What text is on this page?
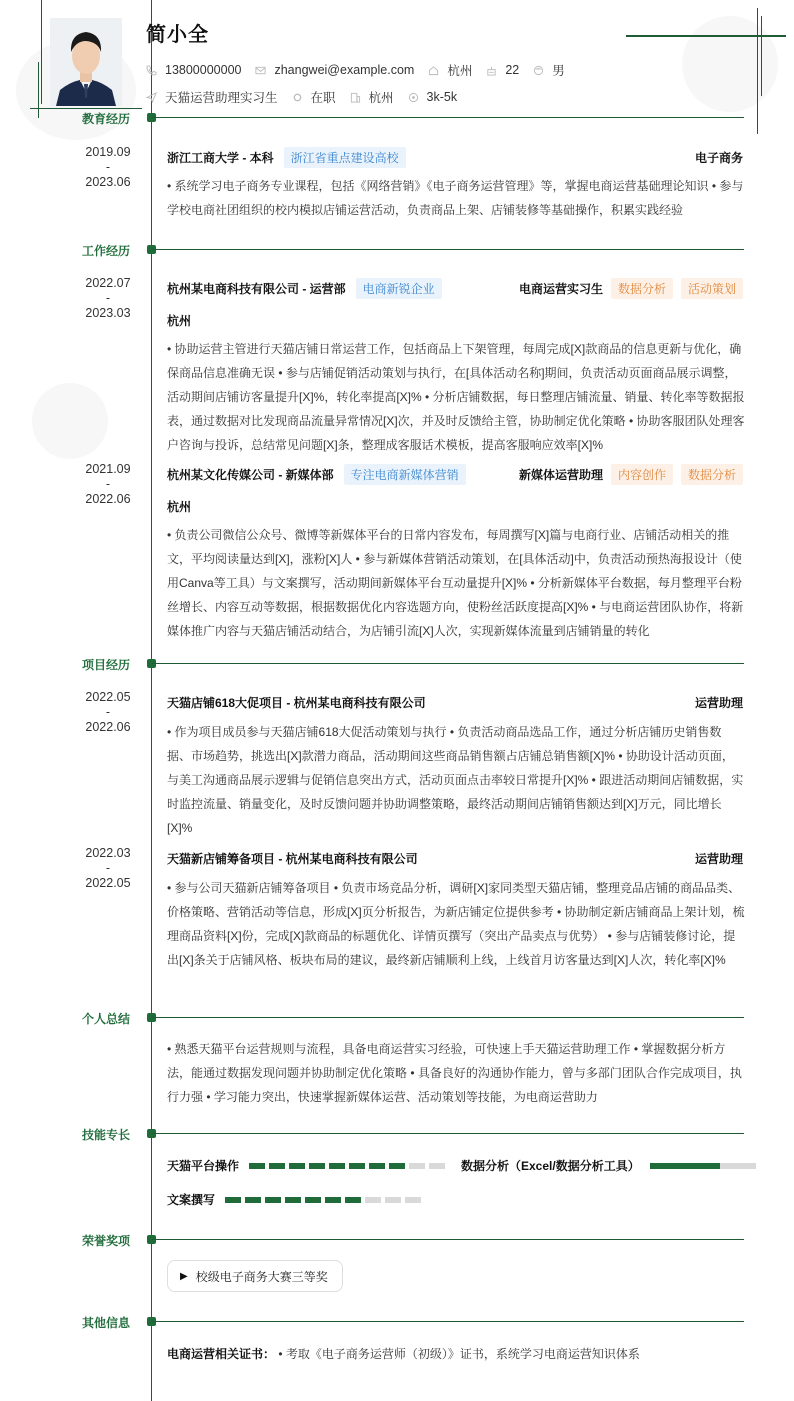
简小全
13800000000	zhangwei@example.com	杭州	22	男
天猫运营助理实习生	在职	杭州	3k-5k
教育经历
2019.09
-
2023.06
浙江工商大学 - 本科	浙江省重点建设高校	电子商务
• 系统学习电子商务专业课程，包括《网络营销》《电子商务运营管理》等，掌握电商运营基础理论知识 • 参与学校电商社团组织的校内模拟店铺运营活动，负责商品上架、店铺装修等基础操作，积累实践经验
工作经历
2022.07
-
2023.03
杭州某电商科技有限公司 - 运营部	电商新锐企业	电商运营实习生	数据分析	活动策划
杭州
• 协助运营主管进行天猫店铺日常运营工作，包括商品上下架管理，每周完成[X]款商品的信息更新与优化，确保商品信息准确无误 • 参与店铺促销活动策划与执行，在[具体活动名称]期间，负责活动页面商品展示调整，活动期间店铺访客量提升[X]%，转化率提高[X]% • 分析店铺数据，每日整理店铺流量、销量、转化率等数据报表，通过数据对比发现商品流量异常情况[X]次，并及时反馈给主管，协助制定优化策略 • 协助客服团队处理客户咨询与投诉，总结常见问题[X]条，整理成客服话术模板，提高客服响应效率[X]%
2021.09
-
2022.06
杭州某文化传媒公司 - 新媒体部	专注电商新媒体营销	新媒体运营助理	内容创作	数据分析
杭州
• 负责公司微信公众号、微博等新媒体平台的日常内容发布，每周撰写[X]篇与电商行业、店铺活动相关的推文，平均阅读量达到[X]，涨粉[X]人 • 参与新媒体营销活动策划，在[具体活动]中，负责活动预热海报设计（使用Canva等工具）与文案撰写，活动期间新媒体平台互动量提升[X]% • 分析新媒体平台数据，每月整理平台粉丝增长、内容互动等数据，根据数据优化内容选题方向，使粉丝活跃度提高[X]% • 与电商运营团队协作，将新媒体推广内容与天猫店铺活动结合，为店铺引流[X]人次，实现新媒体流量到店铺销量的转化
项目经历
2022.05
-
2022.06
天猫店铺618大促项目 - 杭州某电商科技有限公司	运营助理
• 作为项目成员参与天猫店铺618大促活动策划与执行 • 负责活动商品选品工作，通过分析店铺历史销售数据、市场趋势，挑选出[X]款潜力商品，活动期间这些商品销售额占店铺总销售额[X]% • 协助设计活动页面，与美工沟通商品展示逻辑与促销信息突出方式，活动页面点击率较日常提升[X]% • 跟进活动期间店铺数据，实时监控流量、销量变化，及时反馈问题并协助调整策略，最终活动期间店铺销售额达到[X]万元，同比增长[X]%
2022.03
-
2022.05
天猫新店铺筹备项目 - 杭州某电商科技有限公司	运营助理
• 参与公司天猫新店铺筹备项目 • 负责市场竞品分析，调研[X]家同类型天猫店铺，整理竞品店铺的商品品类、价格策略、营销活动等信息，形成[X]页分析报告，为新店铺定位提供参考 • 协助制定新店铺商品上架计划，梳理商品资料[X]份，完成[X]款商品的标题优化、详情页撰写（突出产品卖点与优势） • 参与店铺装修讨论，提出[X]条关于店铺风格、板块布局的建议，最终新店铺顺利上线，上线首月访客量达到[X]人次，转化率[X]%
个人总结
• 熟悉天猫平台运营规则与流程，具备电商运营实习经验，可快速上手天猫运营助理工作 • 掌握数据分析方法，能通过数据发现问题并协助制定优化策略 • 具备良好的沟通协作能力，曾与多部门团队合作完成项目，执行力强 • 学习能力突出，快速掌握新媒体运营、活动策划等技能，为电商运营助力
技能专长
天猫平台操作	数据分析（Excel/数据分析工具）
文案撰写
荣誉奖项
▶ 校级电子商务大赛三等奖
其他信息
电商运营相关证书： • 考取《电子商务运营师（初级）》证书，系统学习电商运营知识体系
